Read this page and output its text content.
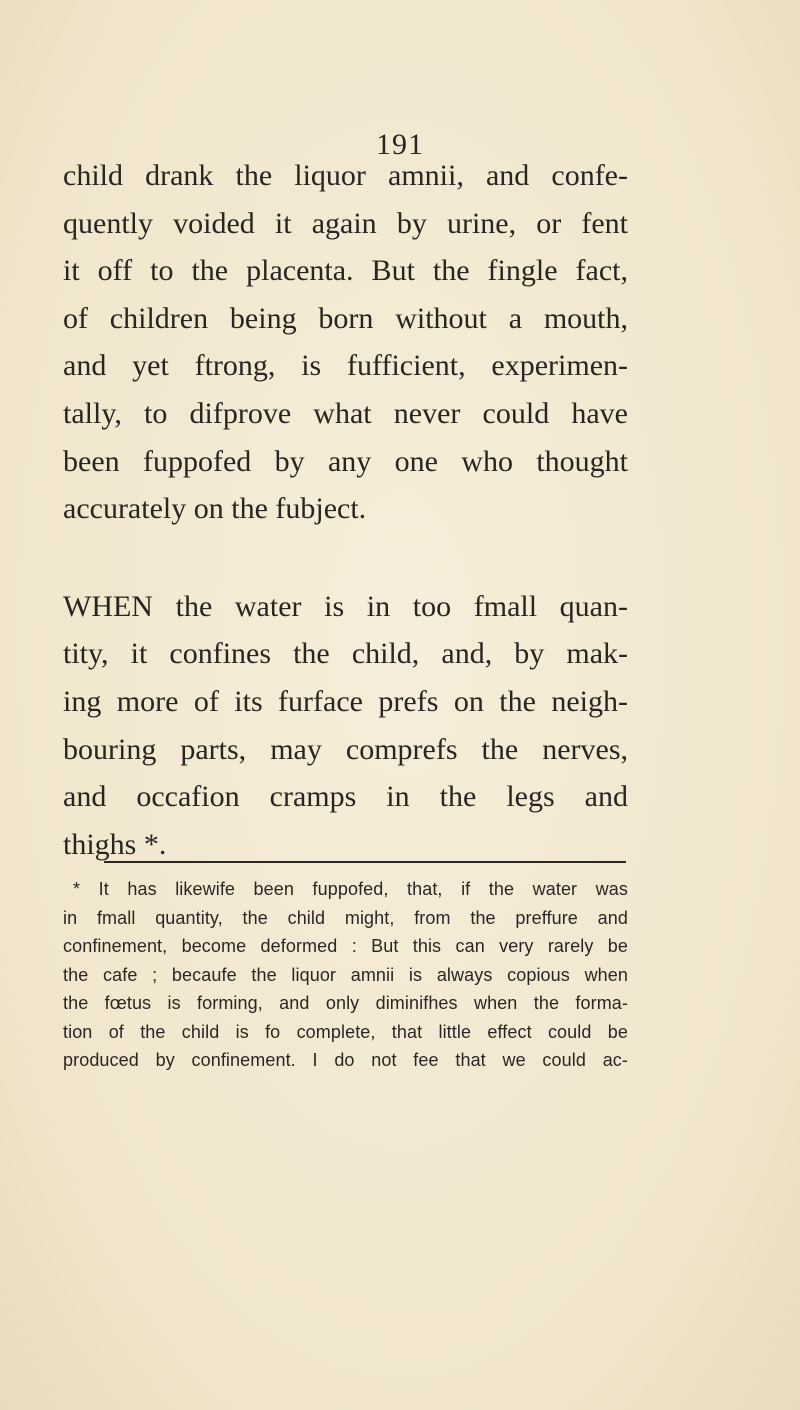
191
child drank the liquor amnii, and confe-
quently voided it again by urine, or fent
it off to the placenta. But the fingle fact,
of children being born without a mouth,
and yet ftrong, is fufficient, experimen-
tally, to difprove what never could have
been fuppofed by any one who thought
accurately on the fubject.
WHEN the water is in too fmall quan-
tity, it confines the child, and, by mak-
ing more of its furface prefs on the neigh-
bouring parts, may comprefs the nerves,
and occafion cramps in the legs and
thighs *.
* It has likewife been fuppofed, that, if the water was
in fmall quantity, the child might, from the preffure and
confinement, become deformed : But this can very rarely be
the cafe ; becaufe the liquor amnii is always copious when
the fœtus is forming, and only diminifhes when the forma-
tion of the child is fo complete, that little effect could be
produced by confinement. I do not fee that we could ac-
